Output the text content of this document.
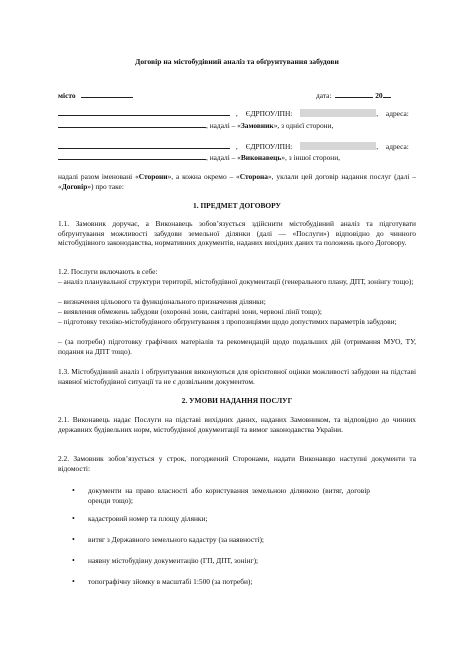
Договір на містобудівний аналіз та обґрунтування забудови
місто	дата:	20
, ЄДРПОУ/ІПН:	, адреса:
, надалі – «Замовник», з однієї сторони,
, ЄДРПОУ/ІПН:	, адреса:
, надалі – «Виконавець», з іншої сторони,
надалі разом іменовані «Сторони», а кожна окремо – «Сторона», уклали цей договір надання послуг (далі – «Договір») про таке:
1. ПРЕДМЕТ ДОГОВОРУ
1.1. Замовник доручає, а Виконавець зобов’язується здійснити містобудівний аналіз та підготувати обґрунтування можливості забудови земельної ділянки (далі — «Послуги») відповідно до чинного містобудівного законодавства, нормативних документів, наданих вихідних даних та положень цього Договору.
1.2. Послуги включають в себе:
– аналіз планувальної структури території, містобудівної документації (генерального плану, ДПТ, зонінгу тощо);
– визначення цільового та функціонального призначення ділянки;
– виявлення обмежень забудови (охоронні зони, санітарні зони, червоні лінії тощо);
– підготовку техніко-містобудівного обґрунтування з пропозиціями щодо допустимих параметрів забудови;
– (за потреби) підготовку графічних матеріалів та рекомендацій щодо подальших дій (отримання МУО, ТУ, подання на ДПТ тощо).
1.3. Містобудівний аналіз і обґрунтування виконуються для орієнтовної оцінки можливості забудови на підставі наявної містобудівної ситуації та не є дозвільним документом.
2. УМОВИ НАДАННЯ ПОСЛУГ
2.1. Виконавець надає Послуги на підставі вихідних даних, наданих Замовником, та відповідно до чинних державних будівельних норм, містобудівної документації та вимог законодавства України.
2.2. Замовник зобов’язується у строк, погоджений Сторонами, надати Виконавцю наступні документи та відомості:
• документи на право власності або користування земельною ділянкою (витяг, договір оренди тощо);
• кадастровий номер та площу ділянки;
• витяг з Державного земельного кадастру (за наявності);
• наявну містобудівну документацію (ГП, ДПТ, зонінг);
• топографічну зйомку в масштабі 1:500 (за потреби);
